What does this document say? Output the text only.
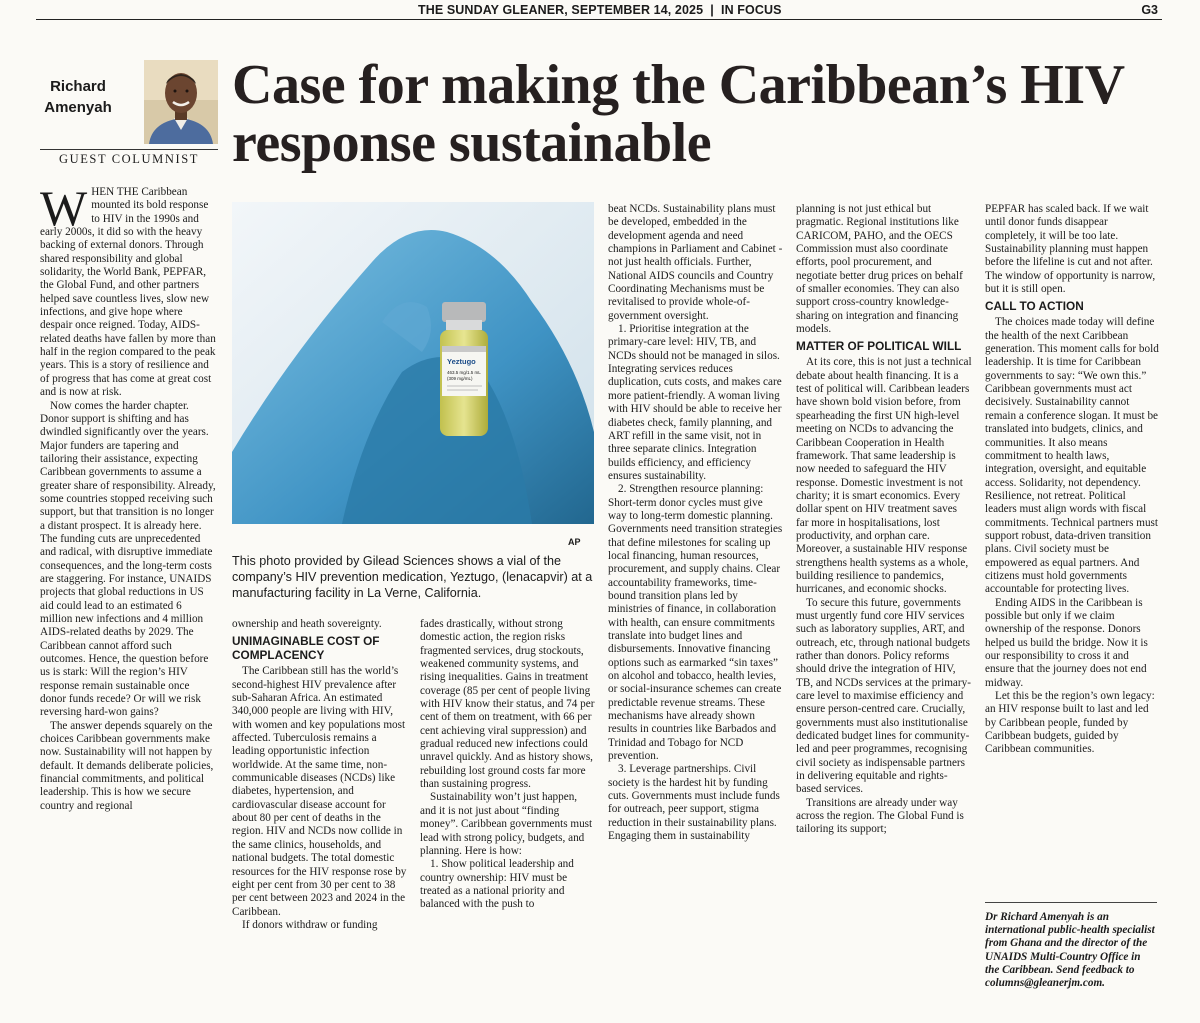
THE SUNDAY GLEANER, SEPTEMBER 14, 2025  |  IN FOCUS	G3
Richard
Amenyah
GUEST COLUMNIST
Case for making the Caribbean’s HIV response sustainable

WHEN THE Caribbean mounted its bold response to HIV in the 1990s and early 2000s, it did so with the heavy backing of external donors. Through shared responsibility and global solidarity, the World Bank, PEPFAR, the Global Fund, and other partners helped save countless lives, slow new infections, and give hope where despair once reigned. Today, AIDS-related deaths have fallen by more than half in the region compared to the peak years. This is a story of resilience and of progress that has come at great cost and is now at risk.

Now comes the harder chapter. Donor support is shifting and has dwindled significantly over the years. Major funders are tapering and tailoring their assistance, expecting Caribbean governments to assume a greater share of responsibility. Already, some countries stopped receiving such support, but that transition is no longer a distant prospect. It is already here. The funding cuts are unprecedented and radical, with disruptive immediate consequences, and the long-term costs are staggering. For instance, UNAIDS projects that global reductions in US aid could lead to an estimated 6 million new infections and 4 million AIDS-related deaths by 2029. The Caribbean cannot afford such outcomes. Hence, the question before us is stark: Will the region’s HIV response remain sustainable once donor funds recede? Or will we risk reversing hard-won gains?

The answer depends squarely on the choices Caribbean governments make now. Sustainability will not happen by default. It demands deliberate policies, financial commitments, and political leadership. This is how we secure country and regional

Yeztugo
463.5 mg/1.5 mL
(309 mg/mL)
AP
This photo provided by Gilead Sciences shows a vial of the company’s HIV prevention medication, Yeztugo, (lenacapvir) at a manufacturing facility in La Verne, California.

ownership and heath sovereignty.

UNIMAGINABLE COST OF COMPLACENCY

The Caribbean still has the world’s second-highest HIV prevalence after sub-Saharan Africa. An estimated 340,000 people are living with HIV, with women and key populations most affected. Tuberculosis remains a leading opportunistic infection worldwide. At the same time, non-communicable diseases (NCDs) like diabetes, hypertension, and cardiovascular disease account for about 80 per cent of deaths in the region. HIV and NCDs now collide in the same clinics, households, and national budgets. The total domestic resources for the HIV response rose by eight per cent from 30 per cent to 38 per cent between 2023 and 2024 in the Caribbean.

If donors withdraw or funding

fades drastically, without strong domestic action, the region risks fragmented services, drug stockouts, weakened community systems, and rising inequalities. Gains in treatment coverage (85 per cent of people living with HIV know their status, and 74 per cent of them on treatment, with 66 per cent achieving viral suppression) and gradual reduced new infections could unravel quickly. And as history shows, rebuilding lost ground costs far more than sustaining progress.

Sustainability won’t just happen, and it is not just about “finding money”. Caribbean governments must lead with strong policy, budgets, and planning. Here is how:

1. Show political leadership and country ownership: HIV must be treated as a national priority and balanced with the push to

beat NCDs. Sustainability plans must be developed, embedded in the development agenda and need champions in Parliament and Cabinet - not just health officials. Further, National AIDS councils and Country Coordinating Mechanisms must be revitalised to provide whole-of-government oversight.

1. Prioritise integration at the primary-care level: HIV, TB, and NCDs should not be managed in silos. Integrating services reduces duplication, cuts costs, and makes care more patient-friendly. A woman living with HIV should be able to receive her diabetes check, family planning, and ART refill in the same visit, not in three separate clinics. Integration builds efficiency, and efficiency ensures sustainability.

2. Strengthen resource planning: Short-term donor cycles must give way to long-term domestic planning. Governments need transition strategies that define milestones for scaling up local financing, human resources, procurement, and supply chains. Clear accountability frameworks, time-bound transition plans led by ministries of finance, in collaboration with health, can ensure commitments translate into budget lines and disbursements. Innovative financing options such as earmarked “sin taxes” on alcohol and tobacco, health levies, or social-insurance schemes can create predictable revenue streams. These mechanisms have already shown results in countries like Barbados and Trinidad and Tobago for NCD prevention.

3. Leverage partnerships. Civil society is the hardest hit by funding cuts. Governments must include funds for outreach, peer support, stigma reduction in their sustainability plans. Engaging them in sustainability

planning is not just ethical but pragmatic. Regional institutions like CARICOM, PAHO, and the OECS Commission must also coordinate efforts, pool procurement, and negotiate better drug prices on behalf of smaller economies. They can also support cross-country knowledge-sharing on integration and financing models.

MATTER OF POLITICAL WILL

At its core, this is not just a technical debate about health financing. It is a test of political will. Caribbean leaders have shown bold vision before, from spearheading the first UN high-level meeting on NCDs to advancing the Caribbean Cooperation in Health framework. That same leadership is now needed to safeguard the HIV response. Domestic investment is not charity; it is smart economics. Every dollar spent on HIV treatment saves far more in hospitalisations, lost productivity, and orphan care. Moreover, a sustainable HIV response strengthens health systems as a whole, building resilience to pandemics, hurricanes, and economic shocks.

To secure this future, governments must urgently fund core HIV services such as laboratory supplies, ART, and outreach, etc, through national budgets rather than donors. Policy reforms should drive the integration of HIV, TB, and NCDs services at the primary-care level to maximise efficiency and ensure person-centred care. Crucially, governments must also institutionalise dedicated budget lines for community-led and peer programmes, recognising civil society as indispensable partners in delivering equitable and rights-based services.

Transitions are already under way across the region. The Global Fund is tailoring its support;

PEPFAR has scaled back. If we wait until donor funds disappear completely, it will be too late. Sustainability planning must happen before the lifeline is cut and not after. The window of opportunity is narrow, but it is still open.

CALL TO ACTION

The choices made today will define the health of the next Caribbean generation. This moment calls for bold leadership. It is time for Caribbean governments to say: “We own this.” Caribbean governments must act decisively. Sustainability cannot remain a conference slogan. It must be translated into budgets, clinics, and communities. It also means commitment to health laws, integration, oversight, and equitable access. Solidarity, not dependency. Resilience, not retreat. Political leaders must align words with fiscal commitments. Technical partners must support robust, data-driven transition plans. Civil society must be empowered as equal partners. And citizens must hold governments accountable for protecting lives.

Ending AIDS in the Caribbean is possible but only if we claim ownership of the response. Donors helped us build the bridge. Now it is our responsibility to cross it and ensure that the journey does not end midway.

Let this be the region’s own legacy: an HIV response built to last and led by Caribbean people, funded by Caribbean budgets, guided by Caribbean communities.

Dr Richard Amenyah is an international public-health specialist from Ghana and the director of the UNAIDS Multi-Country Office in the Caribbean. Send feedback to columns@gleanerjm.com.
